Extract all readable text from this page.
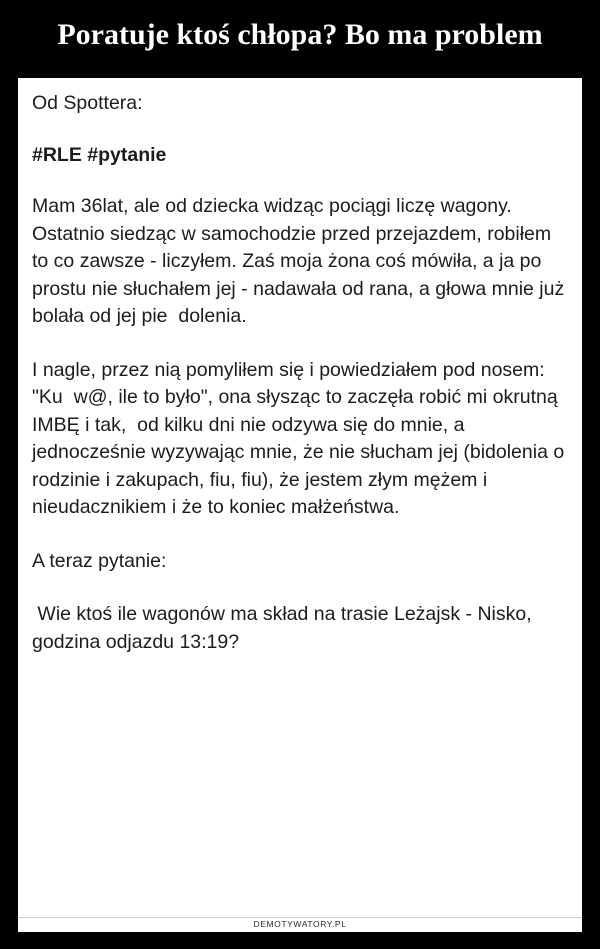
Poratuje ktoś chłopa? Bo ma problem
Od Spottera:
#RLE #pytanie
Mam 36lat, ale od dziecka widząc pociągi liczę wagony. Ostatnio siedząc w samochodzie przed przejazdem, robiłem to co zawsze - liczyłem. Zaś moja żona coś mówiła, a ja po prostu nie słuchałem jej - nadawała od rana, a głowa mnie już bolała od jej pie  dolenia.
I nagle, przez nią pomyliłem się i powiedziałem pod nosem: "Ku  w@, ile to było", ona słysząc to zaczęła robić mi okrutną  IMBĘ i tak,  od kilku dni nie odzywa się do mnie, a jednocześnie wyzywając mnie, że nie słucham jej (bidolenia o rodzinie i zakupach, fiu, fiu), że jestem złym mężem i nieudacznikiem i że to koniec małżeństwa.
A teraz pytanie:
Wie ktoś ile wagonów ma skład na trasie Leżajsk - Nisko, godzina odjazdu 13:19?
DEMOTYWATORY.PL
